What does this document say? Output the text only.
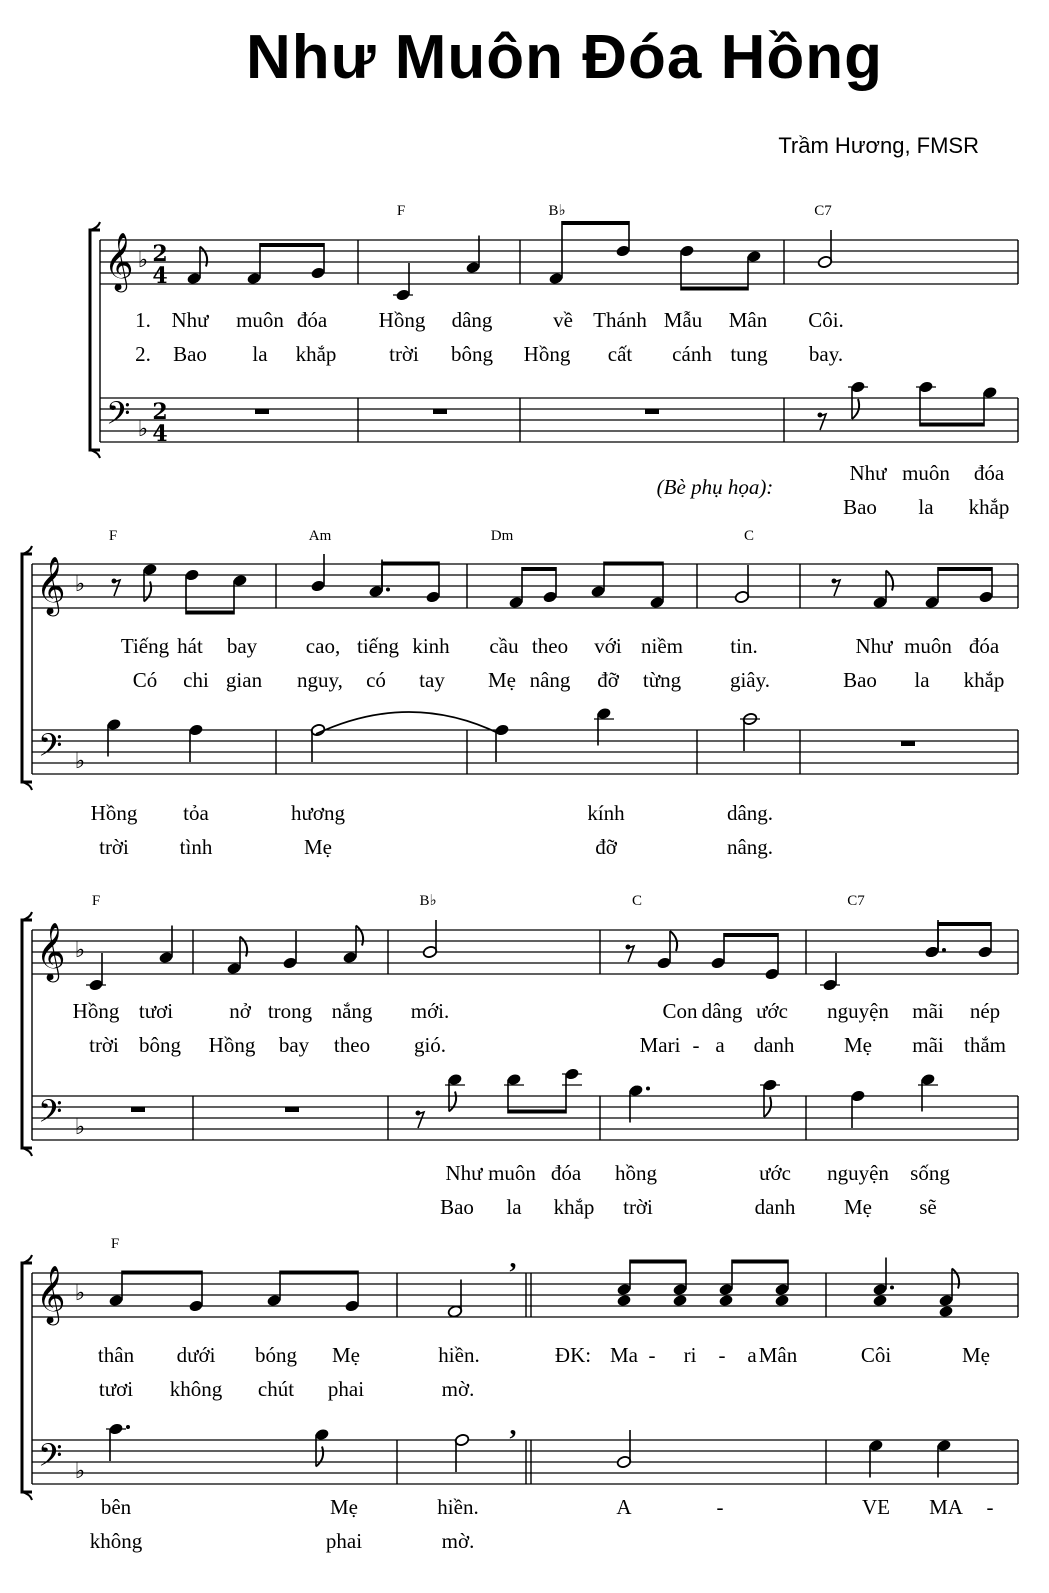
Như Muôn Đóa Hồng
Trầm Hương, FMSR
𝄞 ♭ 2
4
𝄢 ♭
2
4
F	B♭	C7
1. Như muôn đóa Hồng dâng	về Thánh Mẫu Mân Côi.
2. Bao la khắp	trời bông Hồng cất cánh tung bay.
(Bè phụ họa):
Như muôn đóa
Bao la khắp
𝄞 ♭
𝄢 ♭
F	Am	Dm	C
Tiếng hát bay cao, tiếng kinh cầu theo với niềm tin.	Như muôn đóa
Có chi gian nguy, có tay Mẹ nâng đỡ từng giây.	Bao la khắp
Hồng tỏa	hương	kính	dâng.
trời tình	Mẹ	đỡ	nâng.
𝄞 ♭
𝄢 ♭
F	B♭	C	C7
Hồng tươi	nở trong nắng mới.	Con dâng ước nguyện mãi nép
trời bông Hồng bay theo gió.	Mari - a danh Mẹ mãi thắm
Như muôn đóa hồng	ước nguyện sống
Bao la khắp trời	danh Mẹ sẽ
𝄞 ♭
𝄢 ♭
,
F
thân dưới bóng Mẹ	hiền.	ĐK: Ma - ri - a Mân	Côi	Mẹ
tươi không chút phai	mờ.
,
bên	Mẹ	hiền.	A	-	VE MA -
không	phai	mờ.
